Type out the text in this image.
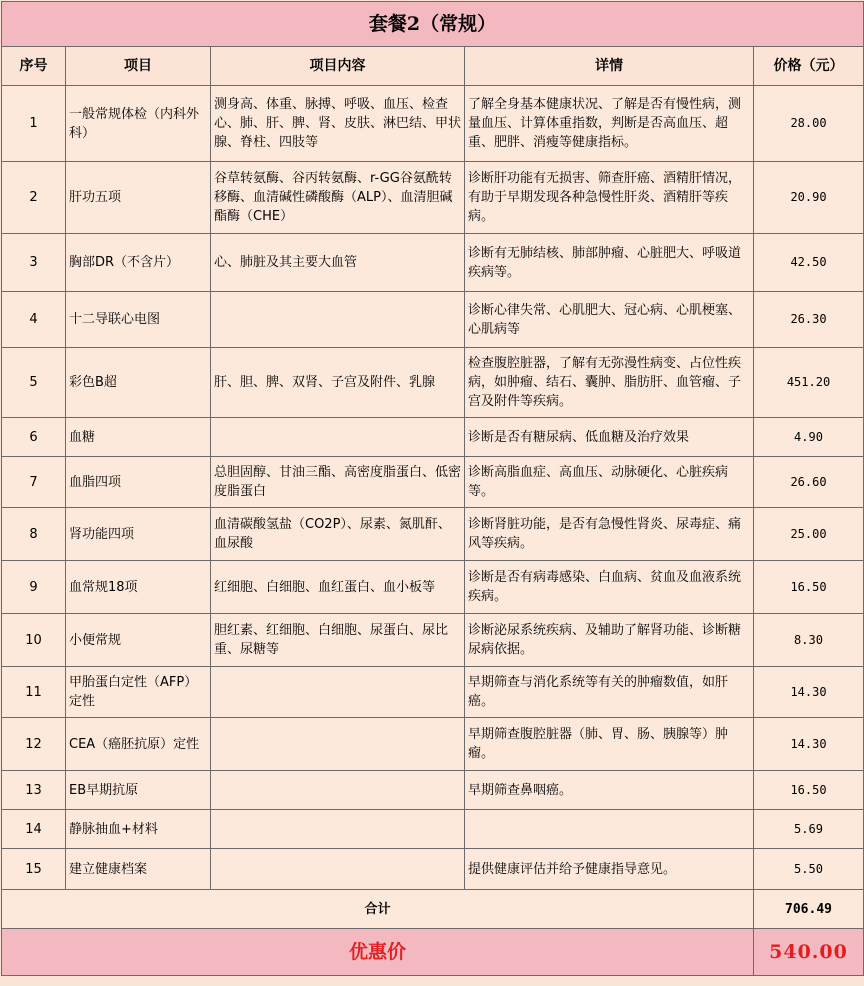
套餐2（常规）				
序号	项目	项目内容	详情	价格（元）
1	一般常规体检（内科外科）	测身高、体重、脉搏、呼吸、血压、检查心、肺、肝、脾、肾、皮肤、淋巴结、甲状腺、脊柱、四肢等	了解全身基本健康状况、了解是否有慢性病，测量血压、计算体重指数，判断是否高血压、超重、肥胖、消瘦等健康指标。	28.00
2	肝功五项	谷草转氨酶、谷丙转氨酶、r-GG谷氨酰转移酶、血清碱性磷酸酶（ALP）、血清胆碱酯酶（CHE）	诊断肝功能有无损害、筛查肝癌、酒精肝情况，有助于早期发现各种急慢性肝炎、酒精肝等疾病。	20.90
3	胸部DR（不含片）	心、肺脏及其主要大血管	诊断有无肺结核、肺部肿瘤、心脏肥大、呼吸道疾病等。	42.50
4	十二导联心电图		诊断心律失常、心肌肥大、冠心病、心肌梗塞、心肌病等	26.30
5	彩色B超	肝、胆、脾、双肾、子宫及附件、乳腺	检查腹腔脏器，了解有无弥漫性病变、占位性疾病，如肿瘤、结石、囊肿、脂肪肝、血管瘤、子宫及附件等疾病。	451.20
6	血糖		诊断是否有糖尿病、低血糖及治疗效果	4.90
7	血脂四项	总胆固醇、甘油三酯、高密度脂蛋白、低密度脂蛋白	诊断高脂血症、高血压、动脉硬化、心脏疾病等。	26.60
8	肾功能四项	血清碳酸氢盐（CO2P）、尿素、氮肌酐、血尿酸	诊断肾脏功能，是否有急慢性肾炎、尿毒症、痛风等疾病。	25.00
9	血常规18项	红细胞、白细胞、血红蛋白、血小板等	诊断是否有病毒感染、白血病、贫血及血液系统疾病。	16.50
10	小便常规	胆红素、红细胞、白细胞、尿蛋白、尿比重、尿糖等	诊断泌尿系统疾病、及辅助了解肾功能、诊断糖尿病依据。	8.30
11	甲胎蛋白定性（AFP）定性		早期筛查与消化系统等有关的肿瘤数值，如肝癌。	14.30
12	CEA（癌胚抗原）定性		早期筛查腹腔脏器（肺、胃、肠、胰腺等）肿瘤。	14.30
13	EB早期抗原		早期筛查鼻咽癌。	16.50
14	静脉抽血+材料			5.69
15	建立健康档案		提供健康评估并给予健康指导意见。	5.50
合计				706.49
优惠价				540.00
